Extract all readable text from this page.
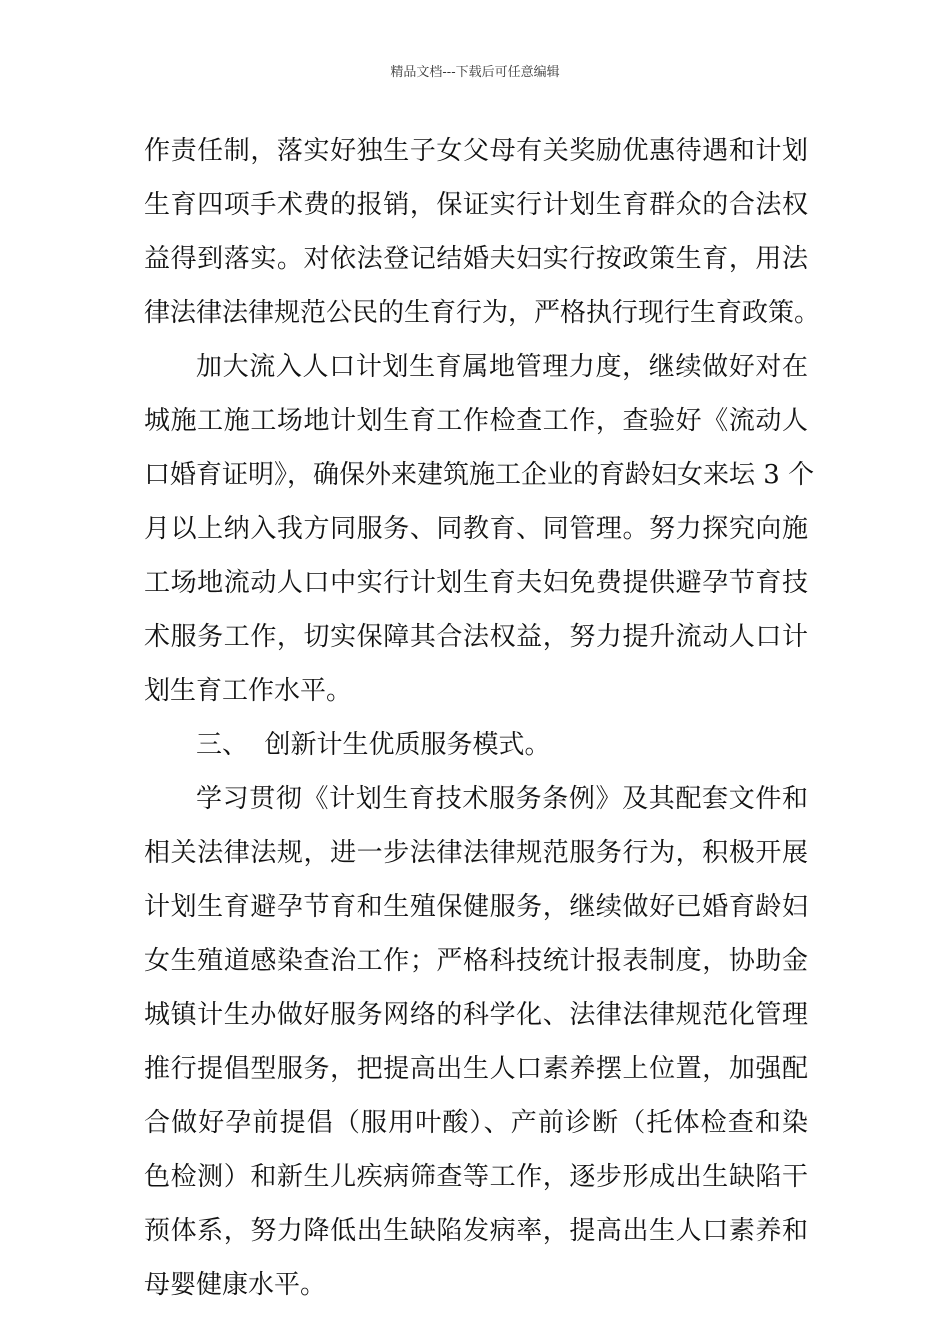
精品文档---下载后可任意编辑
作责任制，落实好独生子女父母有关奖励优惠待遇和计划
生育四项手术费的报销，保证实行计划生育群众的合法权
益得到落实。对依法登记结婚夫妇实行按政策生育，用法
律法律法律规范公民的生育行为，严格执行现行生育政策。
加大流入人口计划生育属地管理力度，继续做好对在
城施工施工场地计划生育工作检查工作，查验好《流动人
口婚育证明》，确保外来建筑施工企业的育龄妇女来坛 3 个
月以上纳入我方同服务、同教育、同管理。努力探究向施
工场地流动人口中实行计划生育夫妇免费提供避孕节育技
术服务工作，切实保障其合法权益，努力提升流动人口计
划生育工作水平。
三、  创新计生优质服务模式。
学习贯彻《计划生育技术服务条例》及其配套文件和
相关法律法规，进一步法律法律规范服务行为，积极开展
计划生育避孕节育和生殖保健服务，继续做好已婚育龄妇
女生殖道感染查治工作；严格科技统计报表制度，协助金
城镇计生办做好服务网络的科学化、法律法律规范化管理
推行提倡型服务，把提高出生人口素养摆上位置，加强配
合做好孕前提倡（服用叶酸）、产前诊断（托体检查和染
色检测）和新生儿疾病筛查等工作，逐步形成出生缺陷干
预体系，努力降低出生缺陷发病率，提高出生人口素养和
母婴健康水平。
